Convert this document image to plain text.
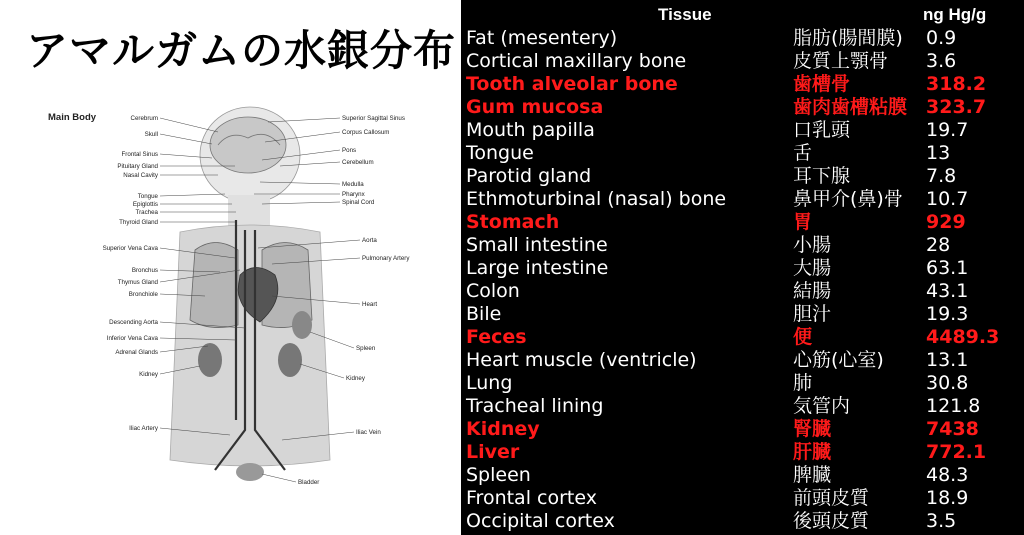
アマルガムの水銀分布
Main Body	Cerebrum
Skull
Frontal Sinus
Pituitary Gland
Nasal Cavity
Tongue
Epiglottis
Trachea
Thyroid Gland
Superior Vena Cava
Bronchus
Thymus Gland
Bronchiole
Descending Aorta
Inferior Vena Cava
Adrenal Glands
Kidney
Iliac Artery
Superior Sagittal Sinus
Corpus Callosum
Pons
Cerebellum
Medulla
Pharynx
Spinal Cord
Aorta
Pulmonary Artery
Heart
Spleen
Kidney
Iliac Vein
Bladder
Tissue	ng Hg/g
Fat (mesentery)	脂肪(腸間膜) 0.9
Cortical maxillary bone	皮質上顎骨 3.6
Tooth alveolar bone	歯槽骨	318.2
Gum mucosa	歯肉歯槽粘膜 323.7
Mouth papilla	口乳頭	19.7
Tongue	舌	13
Parotid gland	耳下腺	7.8
Ethmoturbinal (nasal) bone	鼻甲介(鼻)骨 10.7
Stomach	胃	929
Small intestine	小腸	28
Large intestine	大腸	63.1
Colon	結腸	43.1
Bile	胆汁	19.3
Feces	便	4489.3
Heart muscle (ventricle)	心筋(心室) 13.1
Lung	肺	30.8
Tracheal lining	気管内	121.8
Kidney	腎臓	7438
Liver	肝臓	772.1
Spleen	脾臓	48.3
Frontal cortex	前頭皮質	18.9
Occipital cortex	後頭皮質	3.5
